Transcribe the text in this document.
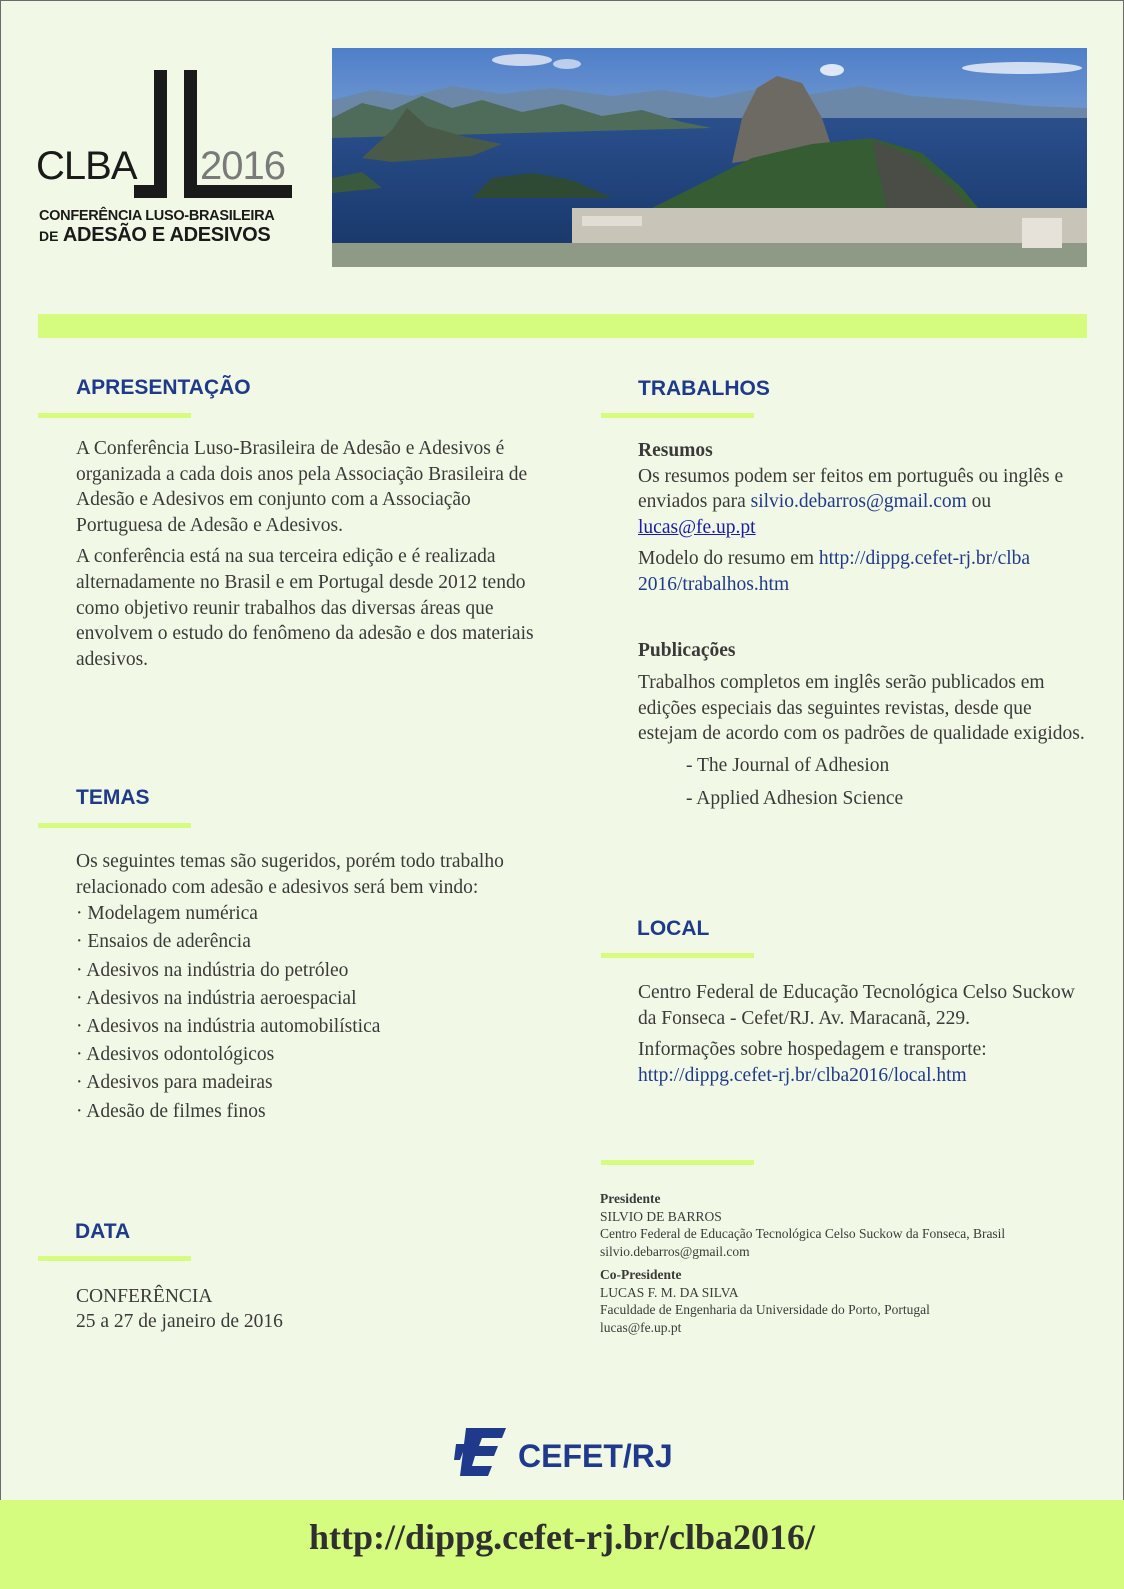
CLBA 2016
CONFERÊNCIA LUSO-BRASILEIRA
DE ADESÃO E ADESIVOS
APRESENTAÇÃO

A Conferência Luso-Brasileira de Adesão e Adesivos é organizada a cada dois anos pela Associação Brasileira de Adesão e Adesivos em conjunto com a Associação Portuguesa de Adesão e Adesivos.

A conferência está na sua terceira edição e é realizada alternadamente no Brasil e em Portugal desde 2012 tendo como objetivo reunir trabalhos das diversas áreas que envolvem o estudo do fenômeno da adesão e dos materiais adesivos.

TEMAS

Os seguintes temas são sugeridos, porém todo trabalho relacionado com adesão e adesivos será bem vindo:

· Modelagem numérica
· Ensaios de aderência
· Adesivos na indústria do petróleo
· Adesivos na indústria aeroespacial
· Adesivos na indústria automobilística
· Adesivos odontológicos
· Adesivos para madeiras
· Adesão de filmes finos
DATA
CONFERÊNCIA
25 a 27 de janeiro de 2016
TRABALHOS

Resumos

Os resumos podem ser feitos em português ou inglês e enviados para silvio.debarros@gmail.com ou lucas@fe.up.pt

Modelo do resumo em http://dippg.cefet-rj.br/clba2016/trabalhos.htm

Publicações

Trabalhos completos em inglês serão publicados em edições especiais das seguintes revistas, desde que estejam de acordo com os padrões de qualidade exigidos.

- The Journal of Adhesion
- Applied Adhesion Science
LOCAL

Centro Federal de Educação Tecnológica Celso Suckow da Fonseca - Cefet/RJ. Av. Maracanã, 229.

Informações sobre hospedagem e transporte:

http://dippg.cefet-rj.br/clba2016/local.htm

Presidente
SILVIO DE BARROS
Centro Federal de Educação Tecnológica Celso Suckow da Fonseca, Brasil
silvio.debarros@gmail.com
Co-Presidente
LUCAS F. M. DA SILVA
Faculdade de Engenharia da Universidade do Porto, Portugal
lucas@fe.up.pt
CEFET/RJ
http://dippg.cefet-rj.br/clba2016/
